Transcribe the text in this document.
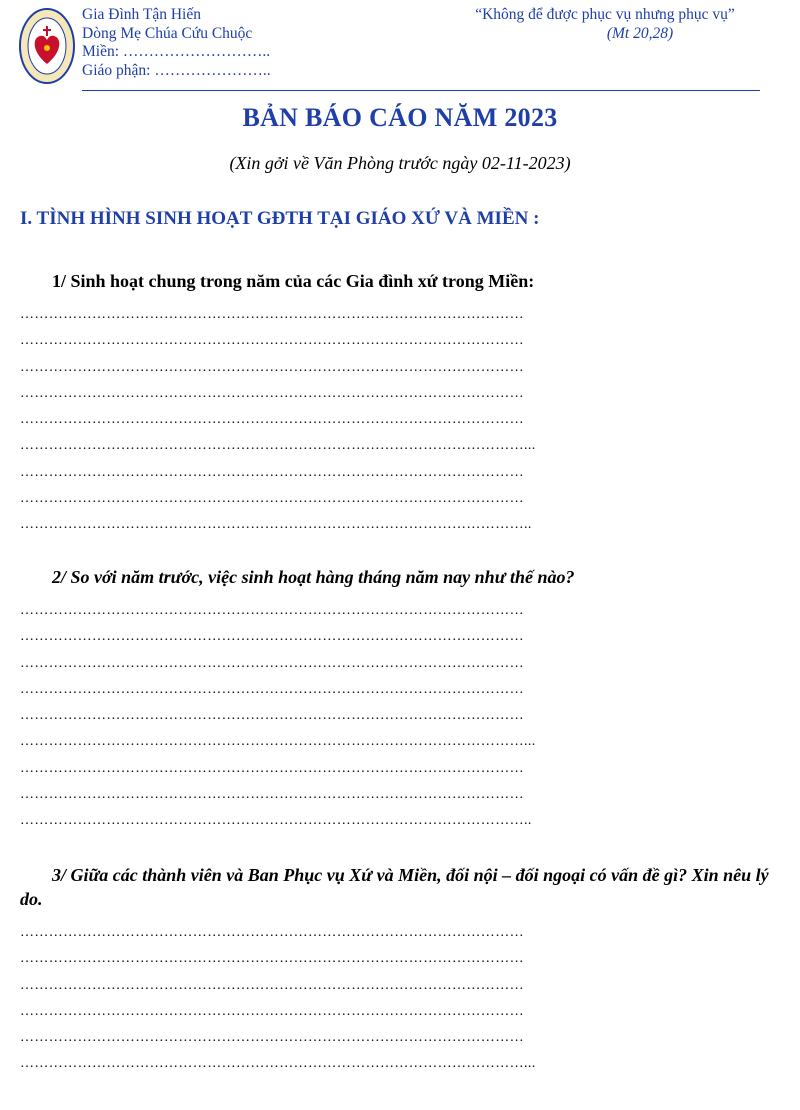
Gia Đình Tận Hiến
Dòng Mẹ Chúa Cứu Chuộc
Miền: ………………………..
Giáo phận: …………………..
“Không để được phục vụ nhưng phục vụ”
(Mt 20,28)
BẢN BÁO CÁO NĂM 2023
(Xin gởi về Văn Phòng trước ngày 02-11-2023)
I. TÌNH HÌNH SINH HOẠT GĐTH TẠI GIÁO XỨ VÀ MIỀN :
1/ Sinh hoạt chung trong năm của các Gia đình xứ trong Miền:
……………………………………………………………………………………………
……………………………………………………………………………………………
……………………………………………………………………………………………
……………………………………………………………………………………………
……………………………………………………………………………………………
……………………………………………………………………………………………...
……………………………………………………………………………………………
……………………………………………………………………………………………
……………………………………………………………………………………………..
2/ So với năm trước, việc sinh hoạt hàng tháng năm nay như thế nào?
……………………………………………………………………………………………
……………………………………………………………………………………………
……………………………………………………………………………………………
……………………………………………………………………………………………
……………………………………………………………………………………………
……………………………………………………………………………………………...
……………………………………………………………………………………………
……………………………………………………………………………………………
……………………………………………………………………………………………..
3/ Giữa các thành viên và Ban Phục vụ Xứ và Miền, đối nội – đối ngoại có vấn đề gì? Xin nêu lý do.
……………………………………………………………………………………………
……………………………………………………………………………………………
……………………………………………………………………………………………
……………………………………………………………………………………………
……………………………………………………………………………………………
……………………………………………………………………………………………...
